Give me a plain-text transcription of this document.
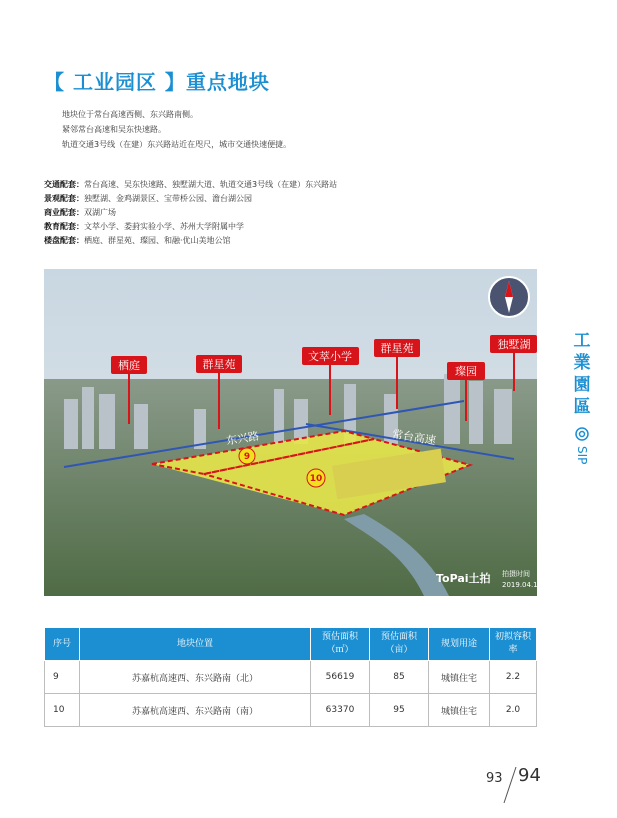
【 工业园区 】重点地块
地块位于常台高速西侧、东兴路南侧。
紧邻常台高速和吴东快速路。
轨道交通3号线（在建）东兴路站近在咫尺，城市交通快速便捷。
交通配套：常台高速、吴东快速路、独墅湖大道、轨道交通3号线（在建）东兴路站
景观配套：独墅湖、金鸡湖景区、宝带桥公园、澹台湖公园
商业配套：双湖广场
教育配套：文萃小学、娄葑实验小学、苏州大学附属中学
楼盘配套：栖庭、群星苑、璨园、和融·优山美地公馆
9
10
东兴路	常台高速
栖庭	群星苑
文萃小学
群星苑
璨园
独墅湖
ToPai土拍 拍摄时间
2019.04.12
工
業
園
區
SIP
序号	地块位置	预估面积（㎡）	预估面积（亩）	规划用途	初拟容积率
9	苏嘉杭高速西、东兴路南（北）	56619	85	城镇住宅	2.2
10	苏嘉杭高速西、东兴路南（南）	63370	95	城镇住宅	2.0
93 94
